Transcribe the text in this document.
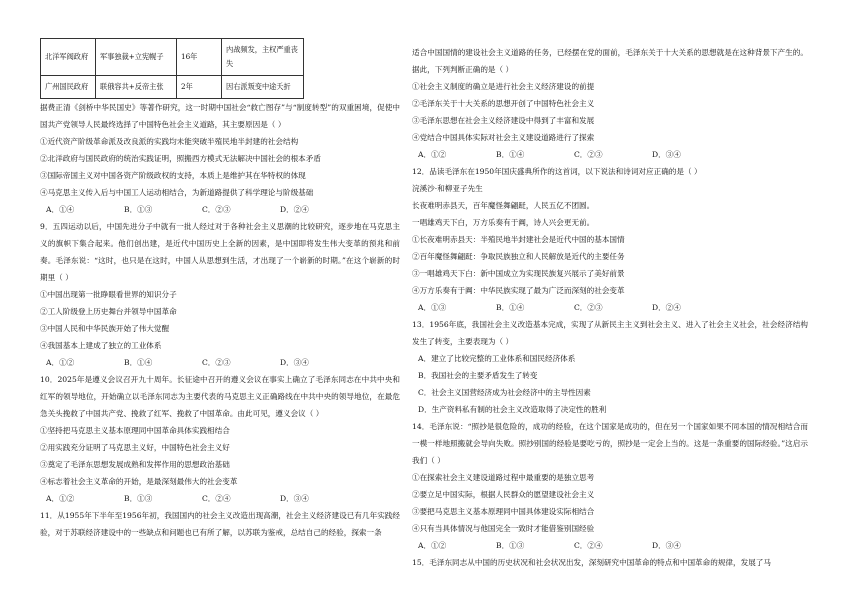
北洋军阀政府	军事独裁+立宪幌子	16年	内战频发，主权严重丧失
广州国民政府	联俄容共+反帝主张	2年	因右派叛变中途夭折

据费正清《剑桥中华民国史》等著作研究，这一时期中国社会“救亡图存”与“制度转型”的双重困境，促使中国共产党领导人民最终选择了中国特色社会主义道路，其主要原因是（ ）

①近代资产阶级革命派及改良派的实践均未能突破半殖民地半封建的社会结构

②北洋政府与国民政府的统治实践证明，照搬西方模式无法解决中国社会的根本矛盾

③国际帝国主义对中国各资产阶级政权的支持，本质上是维护其在华特权的体现

④马克思主义传入后与中国工人运动相结合，为新道路提供了科学理论与阶级基础

A．①④	B．①③	C．②③	D．②④

9．五四运动以后，中国先进分子中就有一批人经过对于各种社会主义思潮的比较研究，逐步地在马克思主义的旗帜下集合起来。他们创出建，是近代中国历史上全新的因素，是中国即将发生伟大变革的预兆和前奏。毛泽东说：“这时，也只是在这时，中国人从思想到生活，才出现了一个崭新的时期。”在这个崭新的时期里（ ）

①中国出现第一批睁眼看世界的知识分子

②工人阶级登上历史舞台并领导中国革命

③中国人民和中华民族开始了伟大觉醒

④我国基本上建成了独立的工业体系

A．①②	B．①④	C．②③	D．③④

10．2025年是遵义会议召开九十周年。长征途中召开的遵义会议在事实上确立了毛泽东同志在中共中央和红军的领导地位，开始确立以毛泽东同志为主要代表的马克思主义正确路线在中共中央的领导地位，在最危急关头挽救了中国共产党、挽救了红军、挽救了中国革命。由此可见，遵义会议（ ）

①坚持把马克思主义基本原理同中国革命具体实践相结合

②用实践充分证明了马克思主义好，中国特色社会主义好

③奠定了毛泽东思想发展成熟和发挥作用的思想政治基础

④标志着社会主义革命的开始，是最深刻最伟大的社会变革

A．①②	B．①③	C．②④	D．③④

11．从1955年下半年至1956年初，我国国内的社会主义改造出现高潮，社会主义经济建设已有几年实践经验，对于苏联经济建设中的一些缺点和问题也已有所了解，以苏联为鉴戒，总结自己的经验，探索一条

适合中国国情的建设社会主义道路的任务，已经摆在党的面前，毛泽东关于十大关系的思想就是在这种背景下产生的。据此，下列判断正确的是（ ）

①社会主义制度的确立是进行社会主义经济建设的前提

②毛泽东关于十大关系的思想开创了中国特色社会主义

③毛泽东思想在社会主义经济建设中得到了丰富和发展

④党结合中国具体实际对社会主义建设道路进行了探索

A．①②	B．①④	C．②③	D．③④

12．品读毛泽东在1950年国庆盛典所作的这首词，以下说法和诗词对应正确的是（ ）

浣溪沙·和柳亚子先生

长夜难明赤县天，百年魔怪舞翩跹，人民五亿不团圆。

一唱雄鸡天下白，万方乐奏有于阗，诗人兴会更无前。

①长夜难明赤县天：半殖民地半封建社会是近代中国的基本国情

②百年魔怪舞翩跹：争取民族独立和人民解放是近代的主要任务

③一唱雄鸡天下白：新中国成立为实现民族复兴展示了美好前景

④万方乐奏有于阗：中华民族实现了最为广泛而深刻的社会变革

A．①③	B．①④	C．②③	D．②④

13．1956年底，我国社会主义改造基本完成，实现了从新民主主义到社会主义、进入了社会主义社会，社会经济结构发生了转变，主要表现为（ ）

A．建立了比较完整的工业体系和国民经济体系

B．我国社会的主要矛盾发生了转变

C．社会主义国营经济成为社会经济中的主导性因素

D．生产资料私有制的社会主义改造取得了决定性的胜利

14．毛泽东说：“照抄是很危险的，成功的经验，在这个国家是成功的，但在另一个国家如果不同本国的情况相结合而一模一样地照搬就会导向失败。照抄别国的经验是要吃亏的，照抄是一定会上当的。这是一条重要的国际经验。”这启示我们（ ）

①在探索社会主义建设道路过程中最重要的是独立思考

②要立足中国实际，根据人民群众的愿望建设社会主义

③要把马克思主义基本原理同中国具体建设实际相结合

④只有当具体情况与他国完全一致时才能借鉴别国经验

A．①②	B．①③	C．②④	D．③④

15．毛泽东同志从中国的历史状况和社会状况出发，深刻研究中国革命的特点和中国革命的规律，发展了马
